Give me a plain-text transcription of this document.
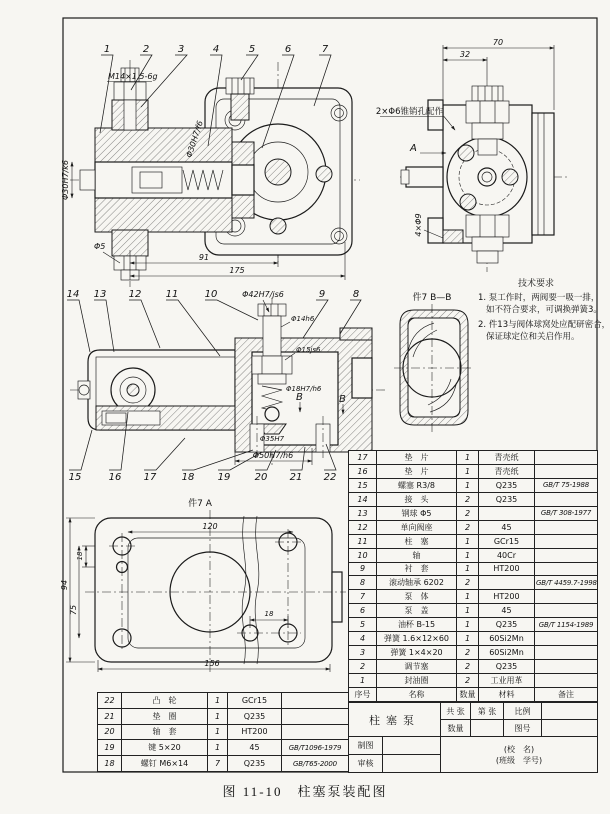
1	2	3	4	5	6	7
M14×1.5-6g
Φ30H7/k6
Φ30H7/f6
Φ5
91
175
70
32
A
4×Φ9
2×Φ6锥销孔配作
技术要求
1. 泵工作时，两阀要一吸一排，
如不符合要求，可调换弹簧3。
2. 件13与阀体球窝处应配研密合，
保证球定位和关启作用。
Φ42H7/js6
Φ14h6
Φ15js6
Φ18H7/h6
Φ35H7
Φ50H7/h6
B	B
14 13 12 11	10	9	8
15	16 17	18 19 20 21 22
件7 B—B
件7 A
120
18
94
75	18
156
17	垫　片	1	青壳纸	
16	垫　片	1	青壳纸	
15	螺塞 R3/8	1	Q235	GB/T 75-1988
14	接　头	2	Q235	
13	钢球 Φ5	2		GB/T 308-1977
12	单向阀座	2	45	
11	柱　塞	1	GCr15	
10	轴	1	40Cr	
9	衬　套	1	HT200	
8	滚动轴承 6202	2		GB/T 4459.7-1998
7	泵　体	1	HT200	
6	泵　盖	1	45	
5	油杯 B-15	1	Q235	GB/T 1154-1989
4	弹簧 1.6×12×60	1	60Si2Mn	
3	弹簧 1×4×20	2	60Si2Mn	
2	调节塞	2	Q235	
1	封油圈	2	工业用革	
序号	名称	数量	材料	备注
22	凸　轮	1	GCr15	
21	垫　圈	1	Q235	
20	轴　套	1	HT200	
19	键 5×20	1	45	GB/T1096-1979
18	螺钉 M6×14	7	Q235	GB/T65-2000
柱塞泵	共 张	第 张	比例	
	数量		图号	
制图		(校　名)
(班级　学号)

审核		
图 11-10　柱塞泵装配图
